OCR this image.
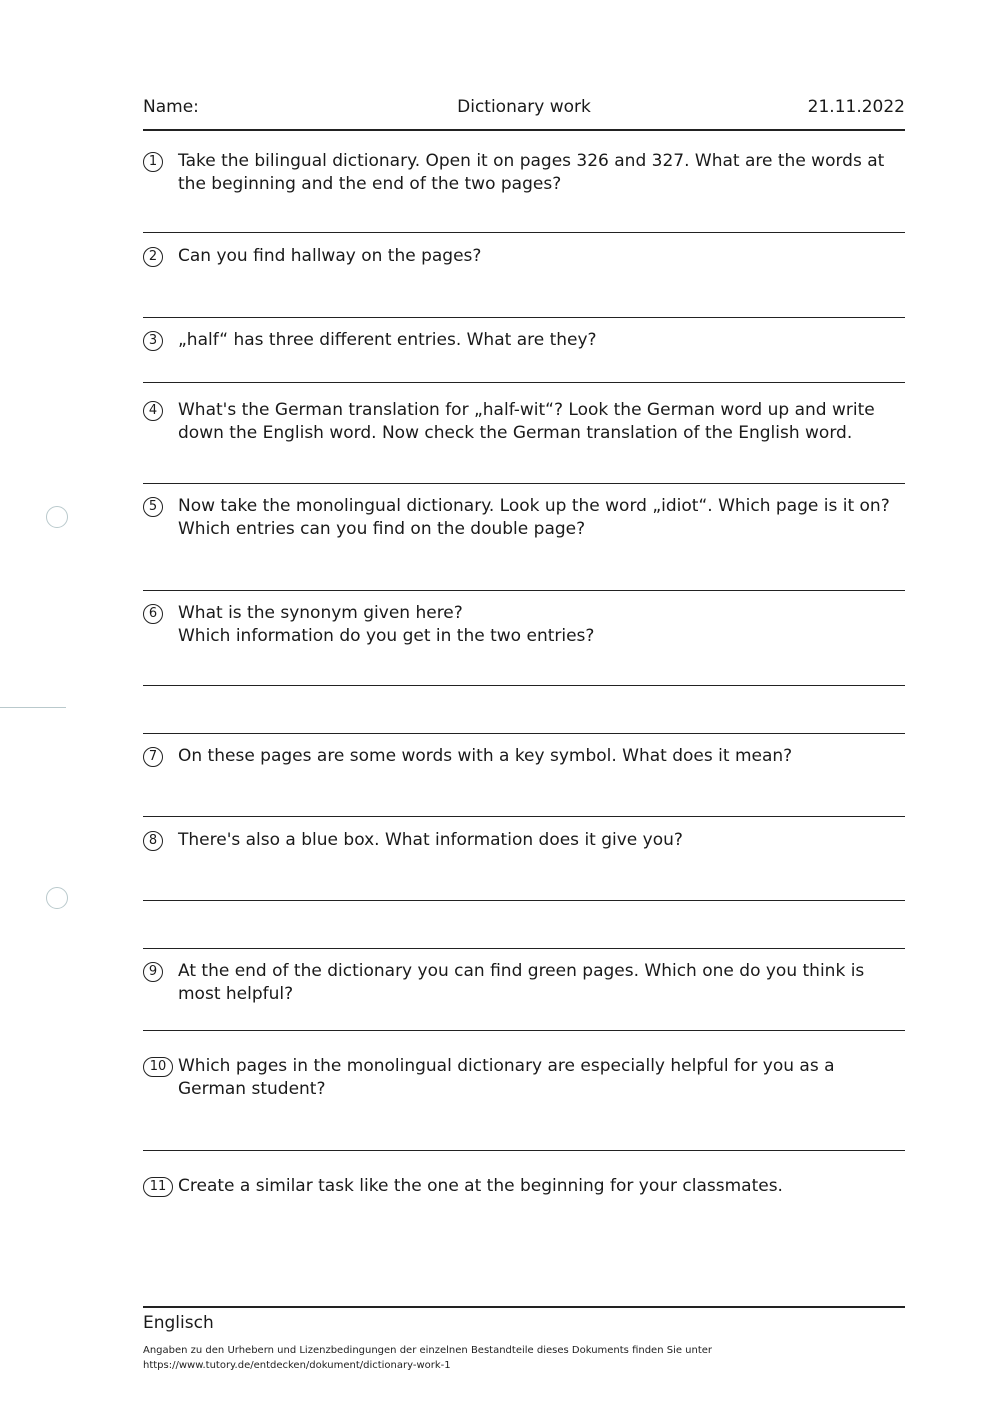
Name:	Dictionary work	21.11.2022
1	Take the bilingual dictionary. Open it on pages 326 and 327. What are the words at the beginning and the end of the two pages?
2	Can you find hallway on the pages?
3	„half“ has three different entries. What are they?
4	What's the German translation for „half-wit“? Look the German word up and write down the English word. Now check the German translation of the English word.
5	Now take the monolingual dictionary. Look up the word „idiot“. Which page is it on? Which entries can you find on the double page?
6	What is the synonym given here?
Which information do you get in the two entries?
7	On these pages are some words with a key symbol. What does it mean?
8	There's also a blue box. What information does it give you?
9	At the end of the dictionary you can find green pages. Which one do you think is most helpful?
10 Which pages in the monolingual dictionary are especially helpful for you as a German student?
11 Create a similar task like the one at the beginning for your classmates.
Englisch
Angaben zu den Urhebern und Lizenzbedingungen der einzelnen Bestandteile dieses Dokuments finden Sie unter
https://www.tutory.de/entdecken/dokument/dictionary-work-1
